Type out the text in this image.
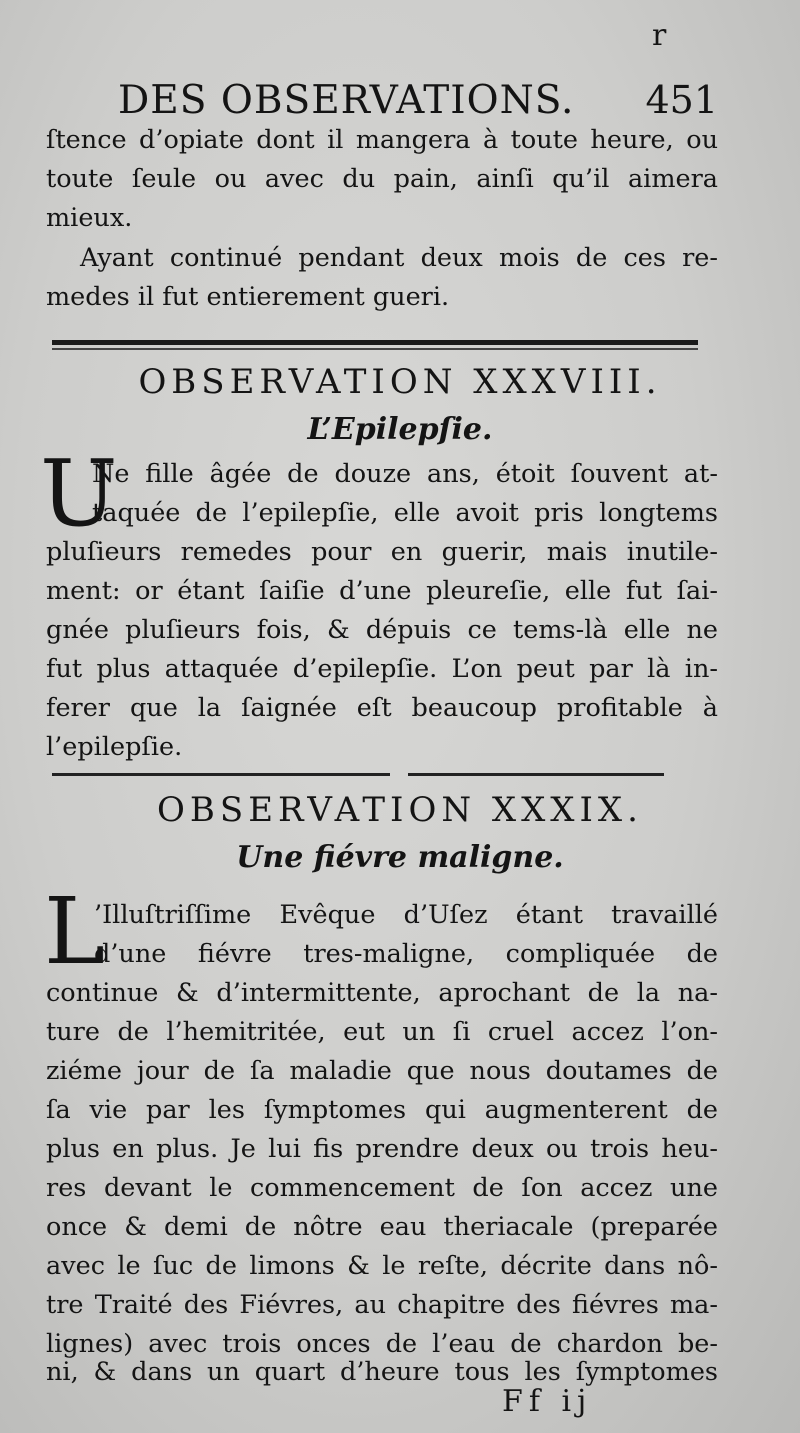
r
DES OBSERVATIONS. 451
ſtence d’opiate dont il mangera à toute heure, ou
toute ſeule ou avec du pain, ainſi qu’il aimera
mieux.
Ayant continué pendant deux mois de ces re-
medes il fut entierement gueri.
OBSERVATION XXXVIII.
L’Epilepſie.
U
Ne fille âgée de douze ans, étoit ſouvent at-
taquée de l’epilepſie, elle avoit pris longtems
pluſieurs remedes pour en guerir, mais inutile-
ment: or étant ſaiſie d’une pleureſie, elle fut ſai-
gnée pluſieurs fois, & dépuis ce tems-là elle ne
fut plus attaquée d’epilepſie. L’on peut par là in-
ferer que la ſaignée eſt beaucoup profitable à
l’epilepſie.
OBSERVATION XXXIX.
Une fiévre maligne.
L
’Illuſtriſſime Evêque d’Uſez étant travaillé
d’une fiévre tres-maligne, compliquée de
continue & d’intermittente, aprochant de la na-
ture de l’hemitritée, eut un ſi cruel accez l’on-
ziéme jour de ſa maladie que nous doutames de
ſa vie par les ſymptomes qui augmenterent de
plus en plus. Je lui fis prendre deux ou trois heu-
res devant le commencement de ſon accez une
once & demi de nôtre eau theriacale (preparée
avec le ſuc de limons & le reſte, décrite dans nô-
tre Traité des Fiévres, au chapitre des fiévres ma-
lignes) avec trois onces de l’eau de chardon be-
ni, & dans un quart d’heure tous les ſymptomes
Ff ij
